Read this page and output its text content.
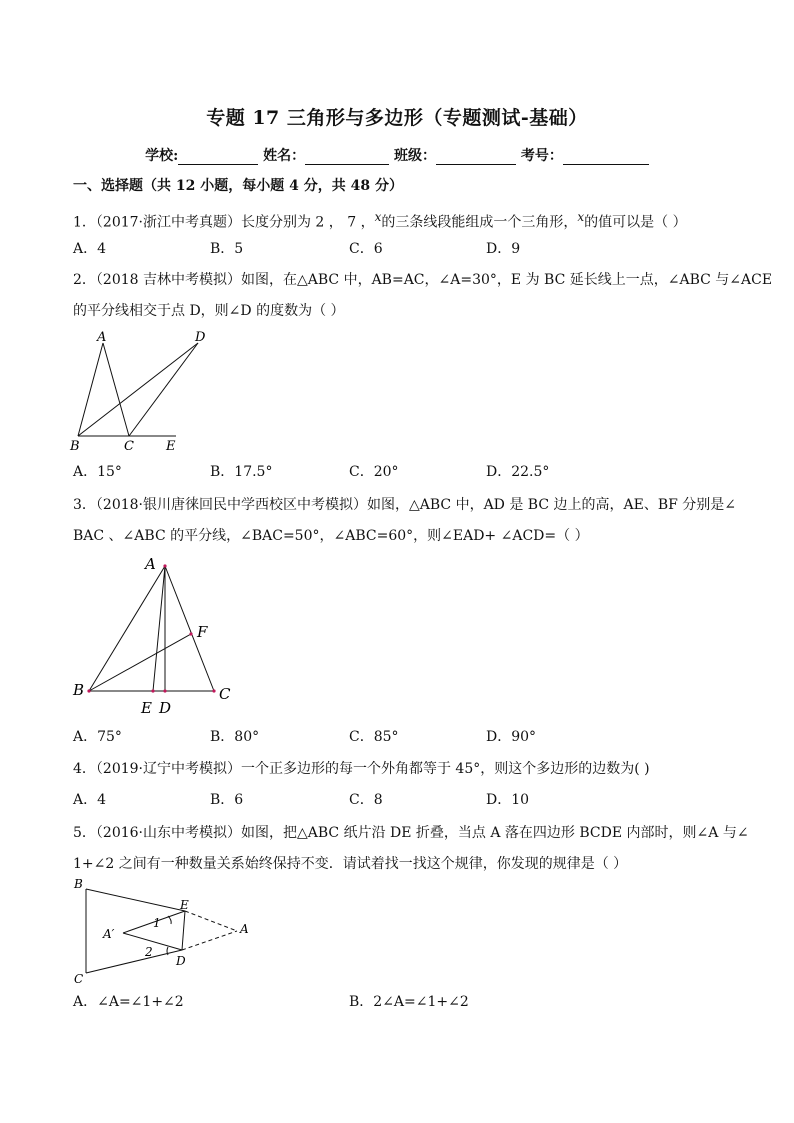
专题 17 三角形与多边形（专题测试-基础）
学校:	姓名：	班级：	考号：
一、选择题（共 12 小题，每小题 4 分，共 48 分）
1．（2017·浙江中考真题）长度分别为 2 ， 7 ，x的三条线段能组成一个三角形，x的值可以是（ ）
A．4	B．5	C．6	D．9
2．（2018 吉林中考模拟）如图，在△ABC 中，AB=AC，∠A=30°，E 为 BC 延长线上一点，∠ABC 与∠ACE
的平分线相交于点 D，则∠D 的度数为（ ）
A	D
B	C E
A．15°	B．17.5°	C．20°	D．22.5°
3．（2018·银川唐徕回民中学西校区中考模拟）如图，△ABC 中，AD 是 BC 边上的高，AE、BF 分别是∠
BAC 、∠ABC 的平分线，∠BAC=50°，∠ABC=60°，则∠EAD+ ∠ACD=（ ）
A
F
B	C
E D
A．75°	B．80°	C．85°	D．90°
4．（2019·辽宁中考模拟）一个正多边形的每一个外角都等于 45°，则这个多边形的边数为( )
A．4	B．6	C．8	D．10
5．（2016·山东中考模拟）如图，把△ABC 纸片沿 DE 折叠，当点 A 落在四边形 BCDE 内部时，则∠A 与∠
1+∠2 之间有一种数量关系始终保持不变．请试着找一找这个规律，你发现的规律是（ ）
B
E
1
A′	A
2
D
C
A．∠A=∠1+∠2	B．2∠A=∠1+∠2
